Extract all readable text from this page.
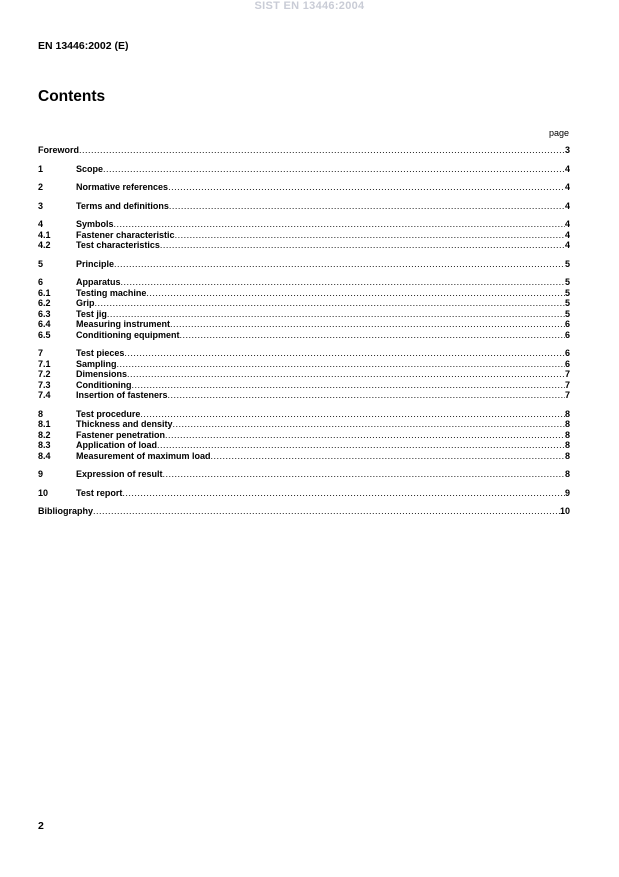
SIST EN 13446:2004
EN 13446:2002 (E)
Contents
page
Foreword .....	3
1	Scope .....	4
2	Normative references .....	4
3	Terms and definitions .....	4
4	Symbols .....	4
4.1	Fastener characteristic .....	4
4.2	Test characteristics .....	4
5	Principle .....	5
6	Apparatus .....	5
6.1	Testing machine .....	5
6.2	Grip .....	5
6.3	Test jig .....	5
6.4	Measuring instrument .....	6
6.5	Conditioning equipment .....	6
7	Test pieces .....	6
7.1	Sampling .....	6
7.2	Dimensions .....	7
7.3	Conditioning .....	7
7.4	Insertion of fasteners .....	7
8	Test procedure .....	8
8.1	Thickness and density .....	8
8.2	Fastener penetration .....	8
8.3	Application of load .....	8
8.4	Measurement of maximum load .....	8
9	Expression of result .....	8
10	Test report .....	9
Bibliography .....	10
2
